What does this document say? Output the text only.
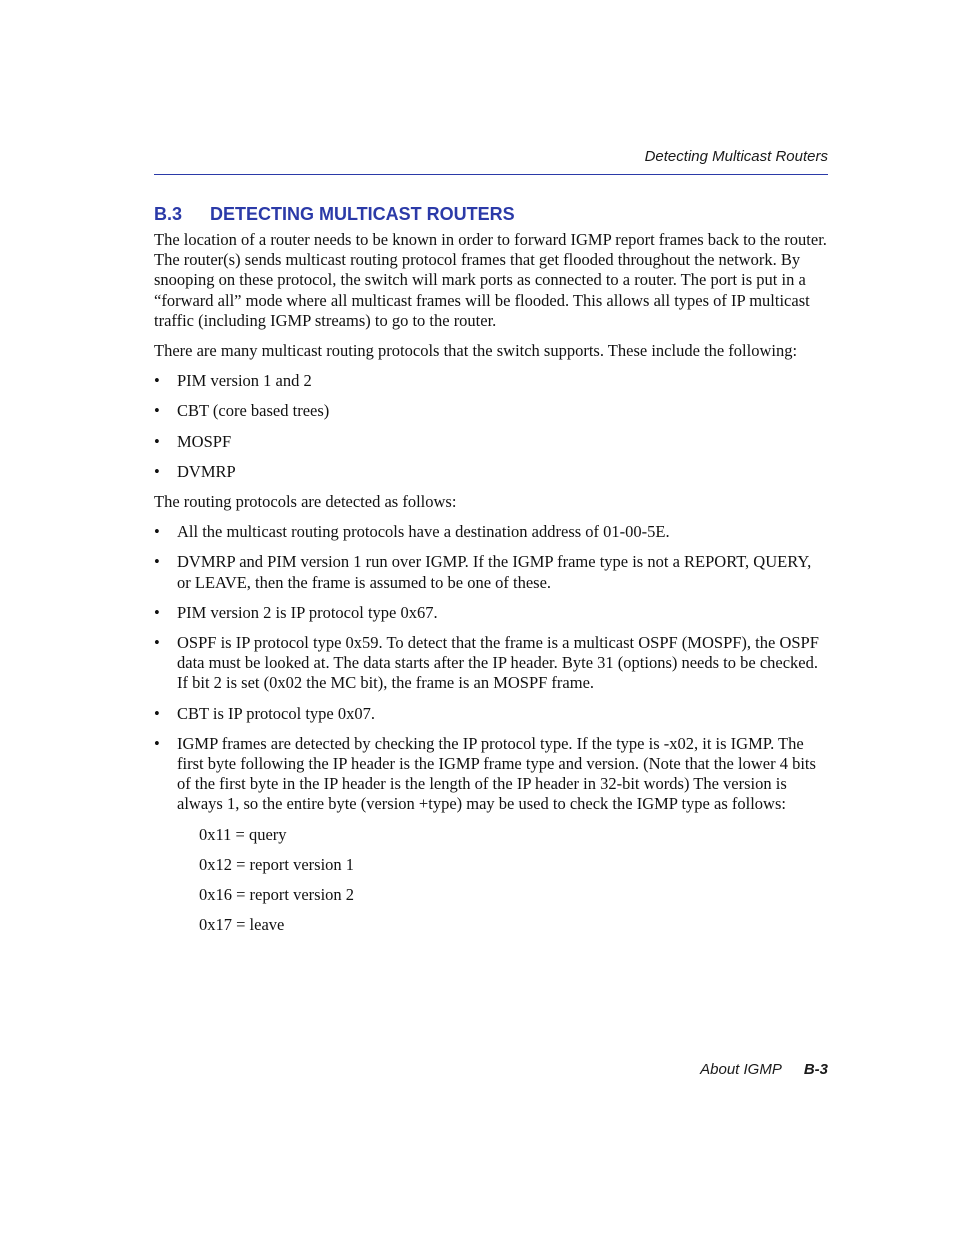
Detecting Multicast Routers
B.3 DETECTING MULTICAST ROUTERS

The location of a router needs to be known in order to forward IGMP report frames back to the router. The router(s) sends multicast routing protocol frames that get flooded throughout the network. By snooping on these protocol, the switch will mark ports as connected to a router. The port is put in a “forward all” mode where all multicast frames will be flooded. This allows all types of IP multicast traffic (including IGMP streams) to go to the router.

There are many multicast routing protocols that the switch supports. These include the following:

• PIM version 1 and 2
• CBT (core based trees)
• MOSPF
• DVMRP

The routing protocols are detected as follows:

• All the multicast routing protocols have a destination address of 01-00-5E.
• DVMRP and PIM version 1 run over IGMP. If the IGMP frame type is not a REPORT, QUERY, or LEAVE, then the frame is assumed to be one of these.
• PIM version 2 is IP protocol type 0x67.
• OSPF is IP protocol type 0x59. To detect that the frame is a multicast OSPF (MOSPF), the OSPF data must be looked at. The data starts after the IP header. Byte 31 (options) needs to be checked. If bit 2 is set (0x02 the MC bit), the frame is an MOSPF frame.
• CBT is IP protocol type 0x07.
• IGMP frames are detected by checking the IP protocol type. If the type is -x02, it is IGMP. The first byte following the IP header is the IGMP frame type and version. (Note that the lower 4 bits of the first byte in the IP header is the length of the IP header in 32-bit words) The version is always 1, so the entire byte (version +type) may be used to check the IGMP type as follows:
0x11 = query
0x12 = report version 1
0x16 = report version 2
0x17 = leave
About IGMP B-3
